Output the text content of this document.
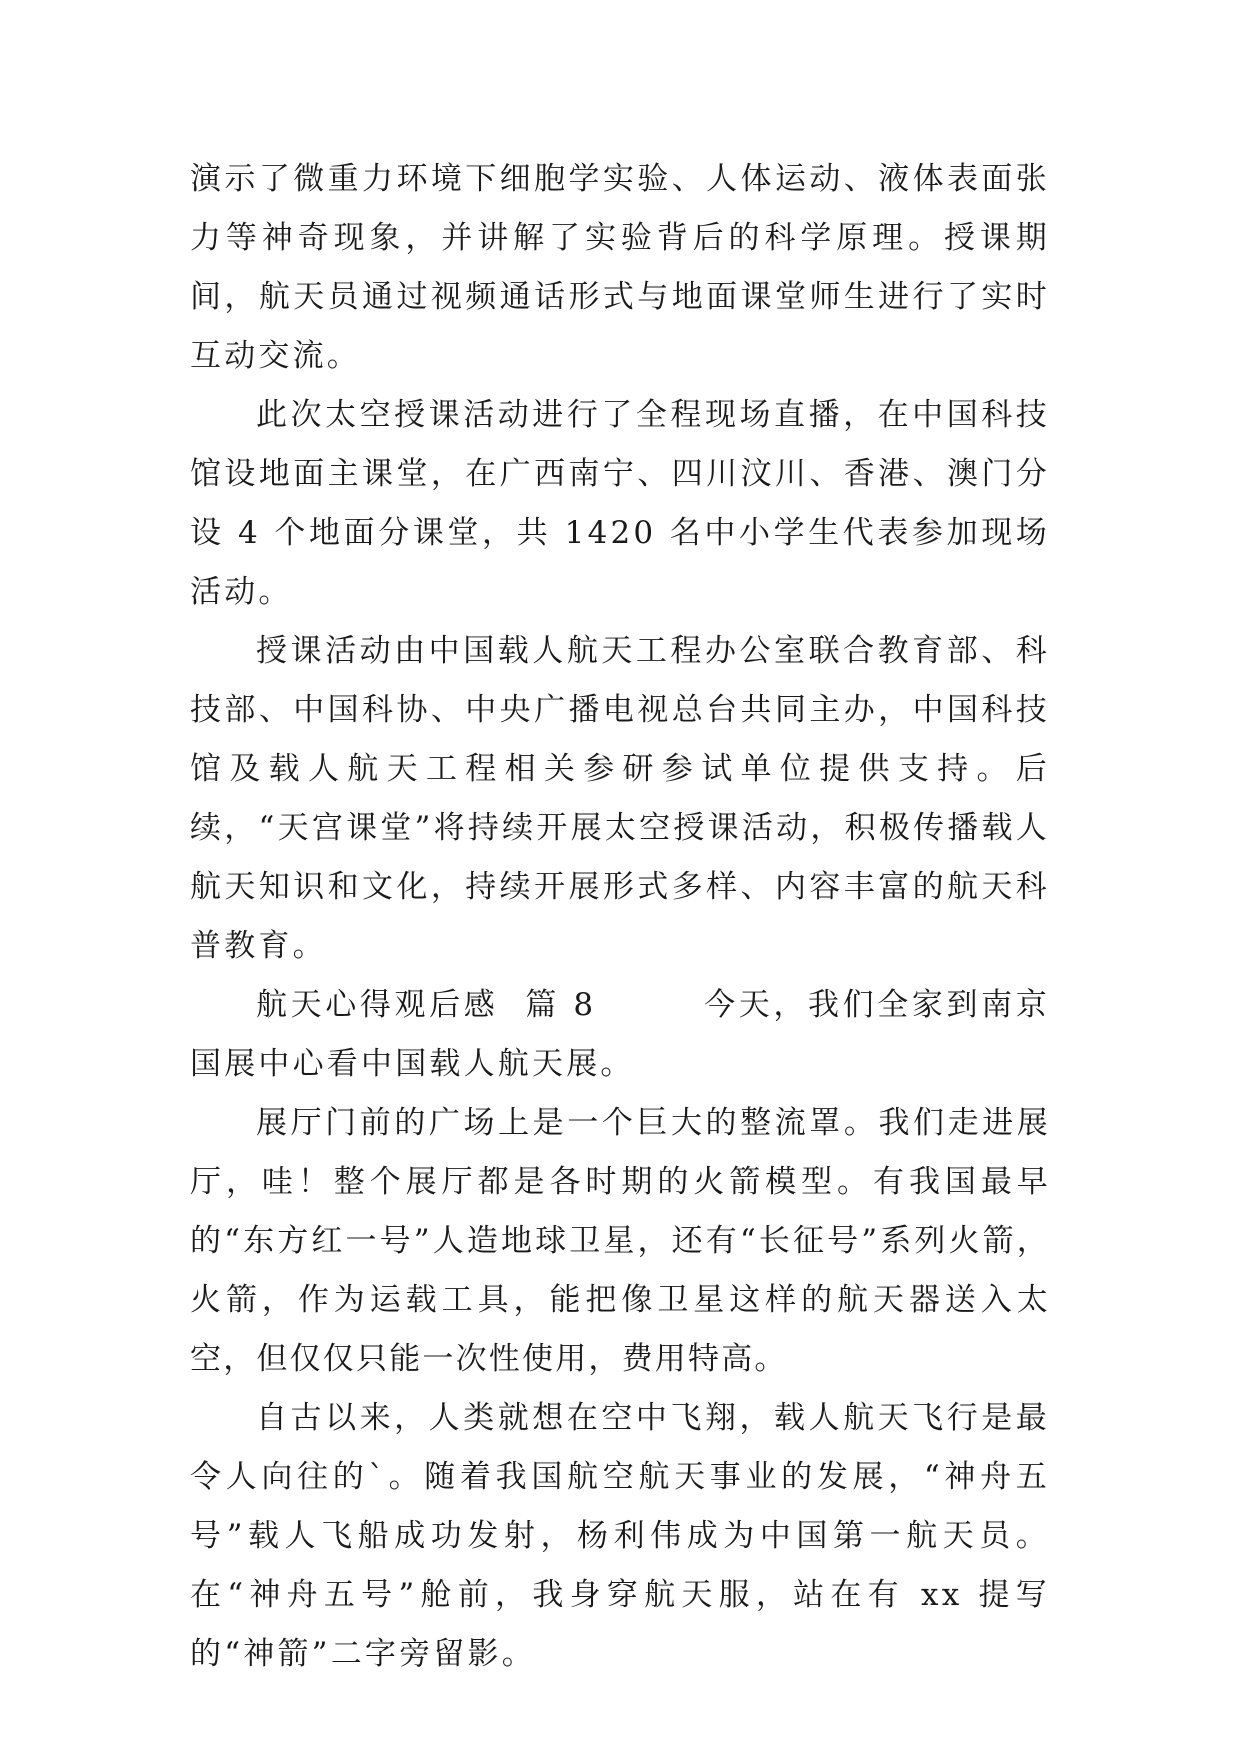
演示了微重力环境下细胞学实验、人体运动、液体表面张力等神奇现象，并讲解了实验背后的科学原理。授课期间，航天员通过视频通话形式与地面课堂师生进行了实时互动交流。

此次太空授课活动进行了全程现场直播，在中国科技馆设地面主课堂，在广西南宁、四川汶川、香港、澳门分设 4 个地面分课堂，共 1420 名中小学生代表参加现场活动。

授课活动由中国载人航天工程办公室联合教育部、科技部、中国科协、中央广播电视总台共同主办，中国科技馆及载人航天工程相关参研参试单位提供支持。后续，“天宫课堂”将持续开展太空授课活动，积极传播载人航天知识和文化，持续开展形式多样、内容丰富的航天科普教育。

航天心得观后感  篇 8        今天，我们全家到南京国展中心看中国载人航天展。

展厅门前的广场上是一个巨大的整流罩。我们走进展厅，哇！整个展厅都是各时期的火箭模型。有我国最早的“东方红一号”人造地球卫星，还有“长征号”系列火箭，火箭，作为运载工具，能把像卫星这样的航天器送入太空，但仅仅只能一次性使用，费用特高。

自古以来，人类就想在空中飞翔，载人航天飞行是最令人向往的`。随着我国航空航天事业的发展，“神舟五号”载人飞船成功发射，杨利伟成为中国第一航天员。在“神舟五号”舱前，我身穿航天服，站在有 xx 提写的“神箭”二字旁留影。
